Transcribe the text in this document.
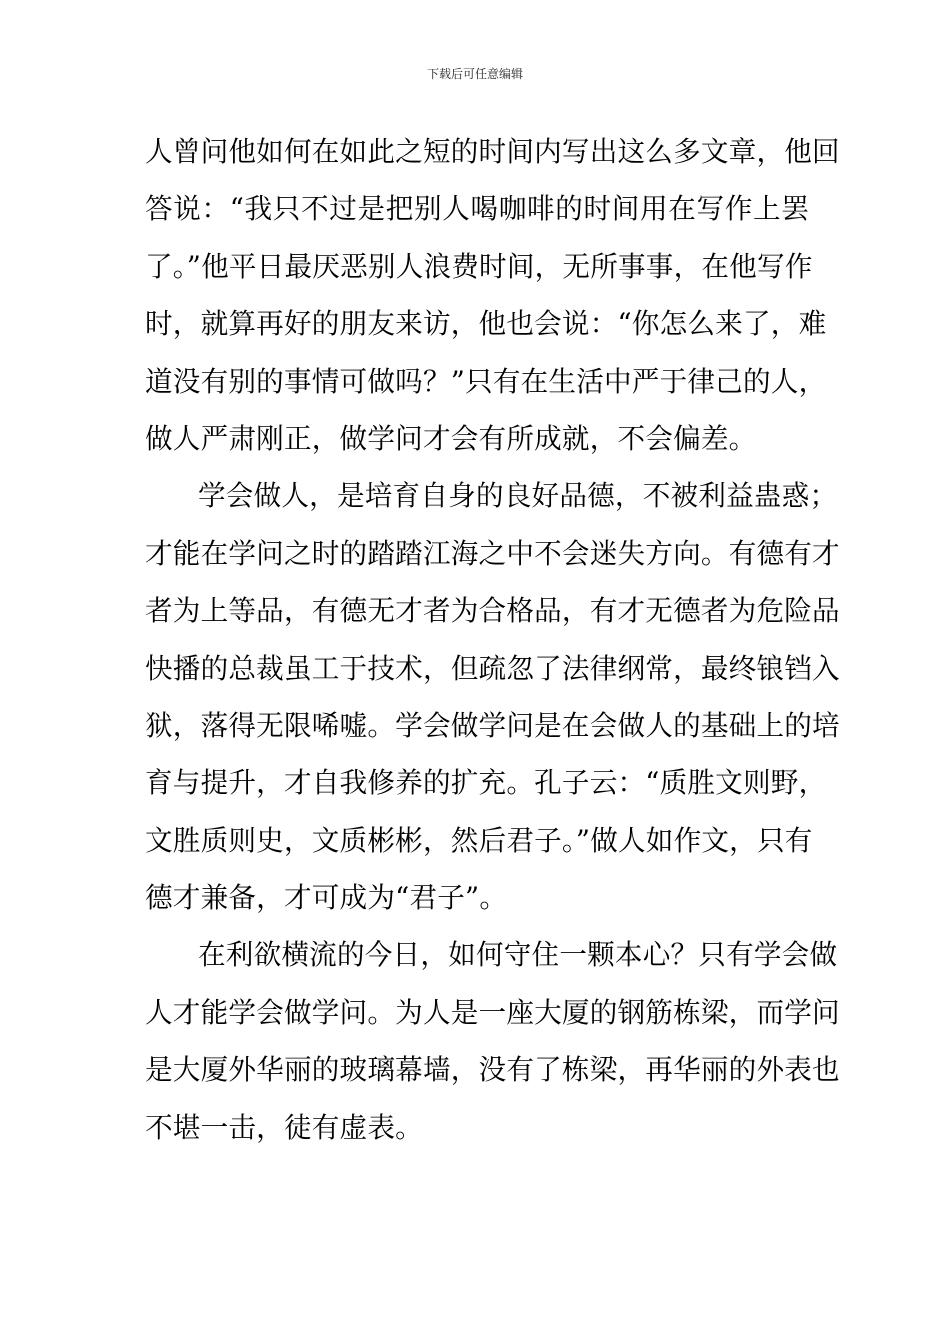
下载后可任意编辑
人曾问他如何在如此之短的时间内写出这么多文章，他回
答说：“我只不过是把别人喝咖啡的时间用在写作上罢
了。”他平日最厌恶别人浪费时间，无所事事，在他写作
时，就算再好的朋友来访，他也会说：“你怎么来了，难
道没有别的事情可做吗？”只有在生活中严于律己的人，
做人严肃刚正，做学问才会有所成就，不会偏差。
学会做人，是培育自身的良好品德，不被利益蛊惑；
才能在学问之时的踏踏江海之中不会迷失方向。有德有才
者为上等品，有德无才者为合格品，有才无德者为危险品
快播的总裁虽工于技术，但疏忽了法律纲常，最终锒铛入
狱，落得无限唏嘘。学会做学问是在会做人的基础上的培
育与提升，才自我修养的扩充。孔子云：“质胜文则野，
文胜质则史，文质彬彬，然后君子。”做人如作文，只有
德才兼备，才可成为“君子”。
在利欲横流的今日，如何守住一颗本心？只有学会做
人才能学会做学问。为人是一座大厦的钢筋栋梁，而学问
是大厦外华丽的玻璃幕墙，没有了栋梁，再华丽的外表也
不堪一击，徒有虚表。
